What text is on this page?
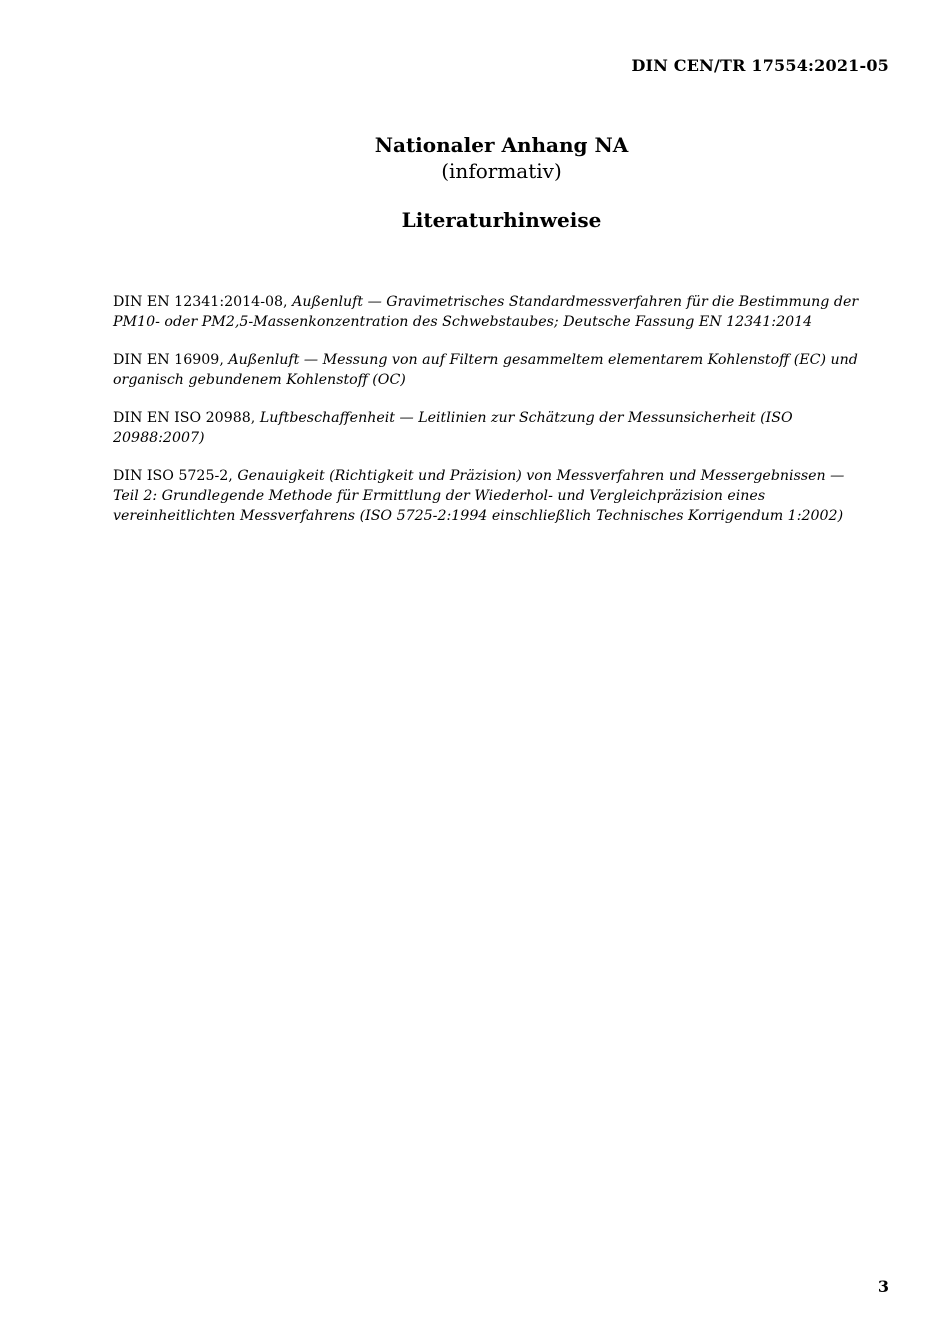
DIN CEN/TR 17554:2021-05
Nationaler Anhang NA
(informativ)
Literaturhinweise

DIN EN 12341:2014-08, Außenluft — Gravimetrisches Standardmessverfahren für die Bestimmung der PM10- oder PM2,5-Massenkonzentration des Schwebstaubes; Deutsche Fassung EN 12341:2014

DIN EN 16909, Außenluft — Messung von auf Filtern gesammeltem elementarem Kohlenstoff (EC) und organisch gebundenem Kohlenstoff (OC)

DIN EN ISO 20988, Luftbeschaffenheit — Leitlinien zur Schätzung der Messunsicherheit (ISO 20988:2007)

DIN ISO 5725-2, Genauigkeit (Richtigkeit und Präzision) von Messverfahren und Messergebnissen — Teil 2: Grundlegende Methode für Ermittlung der Wiederhol- und Vergleichpräzision eines vereinheitlichten Messverfahrens (ISO 5725-2:1994 einschließlich Technisches Korrigendum 1:2002)

3
